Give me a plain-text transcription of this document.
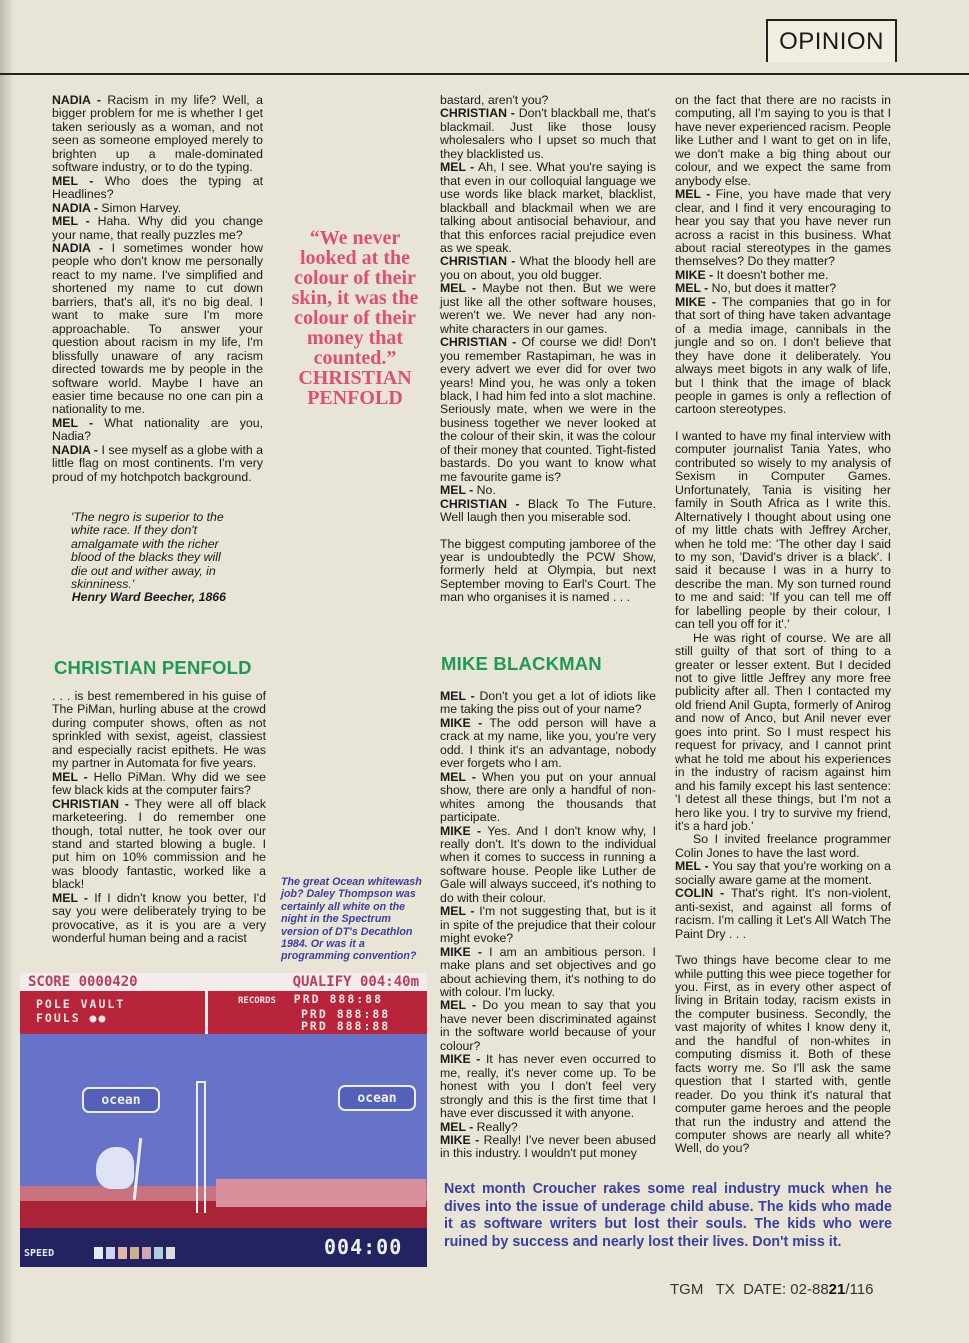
OPINION

NADIA - Racism in my life? Well, a bigger problem for me is whether I get taken seriously as a woman, and not seen as someone employed merely to brighten up a male-dominated software industry, or to do the typing.

MEL - Who does the typing at Headlines?

NADIA - Simon Harvey.

MEL - Haha. Why did you change your name, that really puzzles me?

NADIA - I sometimes wonder how people who don't know me personally react to my name. I've simplified and shortened my name to cut down barriers, that's all, it's no big deal. I want to make sure I'm more approachable. To answer your question about racism in my life, I'm blissfully unaware of any racism directed towards me by people in the software world. Maybe I have an easier time because no one can pin a nationality to me.

MEL - What nationality are you, Nadia?

NADIA - I see myself as a globe with a little flag on most continents. I'm very proud of my hotchpotch background.

'The negro is superior to the white race. If they don't amalgamate with the richer blood of the blacks they will die out and wither away, in skinniness.'
Henry Ward Beecher, 1866
CHRISTIAN PENFOLD

. . . is best remembered in his guise of The PiMan, hurling abuse at the crowd during computer shows, often as not sprinkled with sexist, ageist, classiest and especially racist epithets. He was my partner in Automata for five years.

MEL - Hello PiMan. Why did we see few black kids at the computer fairs?

CHRISTIAN - They were all off black marketeering. I do remember one though, total nutter, he took over our stand and started blowing a bugle. I put him on 10% commission and he was bloody fantastic, worked like a black!

MEL - If I didn't know you better, I'd say you were deliberately trying to be provocative, as it is you are a very wonderful human being and a racist

“We never looked at the colour of their skin, it was the colour of their money that counted.”
CHRISTIAN PENFOLD
The great Ocean whitewash job? Daley Thompson was certainly all white on the night in the Spectrum version of DT's Decathlon 1984. Or was it a programming convention?
SCORE 0000420	QUALIFY 004:40m
POLE VAULT
FOULS ●●
RECORDS PRD 888:88
PRD 888:88
PRD 888:88
ocean	ocean
SPEED	004:00

bastard, aren't you?

CHRISTIAN - Don't blackball me, that's blackmail. Just like those lousy wholesalers who I upset so much that they blacklisted us.

MEL - Ah, I see. What you're saying is that even in our colloquial language we use words like black market, blacklist, blackball and blackmail when we are talking about antisocial behaviour, and that this enforces racial prejudice even as we speak.

CHRISTIAN - What the bloody hell are you on about, you old bugger.

MEL - Maybe not then. But we were just like all the other software houses, weren't we. We never had any non-white characters in our games.

CHRISTIAN - Of course we did! Don't you remember Rastapiman, he was in every advert we ever did for over two years! Mind you, he was only a token black, I had him fed into a slot machine. Seriously mate, when we were in the business together we never looked at the colour of their skin, it was the colour of their money that counted. Tight-fisted bastards. Do you want to know what me favourite game is?

MEL - No.

CHRISTIAN - Black To The Future. Well laugh then you miserable sod.

The biggest computing jamboree of the year is undoubtedly the PCW Show, formerly held at Olympia, but next September moving to Earl's Court. The man who organises it is named . . .

MIKE BLACKMAN

MEL - Don't you get a lot of idiots like me taking the piss out of your name?

MIKE - The odd person will have a crack at my name, like you, you're very odd. I think it's an advantage, nobody ever forgets who I am.

MEL - When you put on your annual show, there are only a handful of non-whites among the thousands that participate.

MIKE - Yes. And I don't know why, I really don't. It's down to the individual when it comes to success in running a software house. People like Luther de Gale will always succeed, it's nothing to do with their colour.

MEL - I'm not suggesting that, but is it in spite of the prejudice that their colour might evoke?

MIKE - I am an ambitious person. I make plans and set objectives and go about achieving them, it's nothing to do with colour. I'm lucky.

MEL - Do you mean to say that you have never been discriminated against in the software world because of your colour?

MIKE - It has never even occurred to me, really, it's never come up. To be honest with you I don't feel very strongly and this is the first time that I have ever discussed it with anyone.

MEL - Really?

MIKE - Really! I've never been abused in this industry. I wouldn't put money

on the fact that there are no racists in computing, all I'm saying to you is that I have never experienced racism. People like Luther and I want to get on in life, we don't make a big thing about our colour, and we expect the same from anybody else.

MEL - Fine, you have made that very clear, and I find it very encouraging to hear you say that you have never run across a racist in this business. What about racial stereotypes in the games themselves? Do they matter?

MIKE - It doesn't bother me.

MEL - No, but does it matter?

MIKE - The companies that go in for that sort of thing have taken advantage of a media image, cannibals in the jungle and so on. I don't believe that they have done it deliberately. You always meet bigots in any walk of life, but I think that the image of black people in games is only a reflection of cartoon stereotypes.

I wanted to have my final interview with computer journalist Tania Yates, who contributed so wisely to my analysis of Sexism in Computer Games. Unfortunately, Tania is visiting her family in South Africa as I write this. Alternatively I thought about using one of my little chats with Jeffrey Archer, when he told me: 'The other day I said to my son, 'David's driver is a black'. I said it because I was in a hurry to describe the man. My son turned round to me and said: 'If you can tell me off for labelling people by their colour, I can tell you off for it'.'

He was right of course. We are all still guilty of that sort of thing to a greater or lesser extent. But I decided not to give little Jeffrey any more free publicity after all. Then I contacted my old friend Anil Gupta, formerly of Anirog and now of Anco, but Anil never ever goes into print. So I must respect his request for privacy, and I cannot print what he told me about his experiences in the industry of racism against him and his family except his last sentence: 'I detest all these things, but I'm not a hero like you. I try to survive my friend, it's a hard job.'

So I invited freelance programmer Colin Jones to have the last word.

MEL - You say that you're working on a socially aware game at the moment.

COLIN - That's right. It's non-violent, anti-sexist, and against all forms of racism. I'm calling it Let's All Watch The Paint Dry . . .

Two things have become clear to me while putting this wee piece together for you. First, as in every other aspect of living in Britain today, racism exists in the computer business. Secondly, the vast majority of whites I know deny it, and the handful of non-whites in computing dismiss it. Both of these facts worry me. So I'll ask the same question that I started with, gentle reader. Do you think it's natural that computer game heroes and the people that run the industry and attend the computer shows are nearly all white? Well, do you?

Next month Croucher rakes some real industry muck when he dives into the issue of underage child abuse. The kids who made it as software writers but lost their souls. The kids who were ruined by success and nearly lost their lives. Don't miss it.
TGM TX DATE: 02-8821/116
